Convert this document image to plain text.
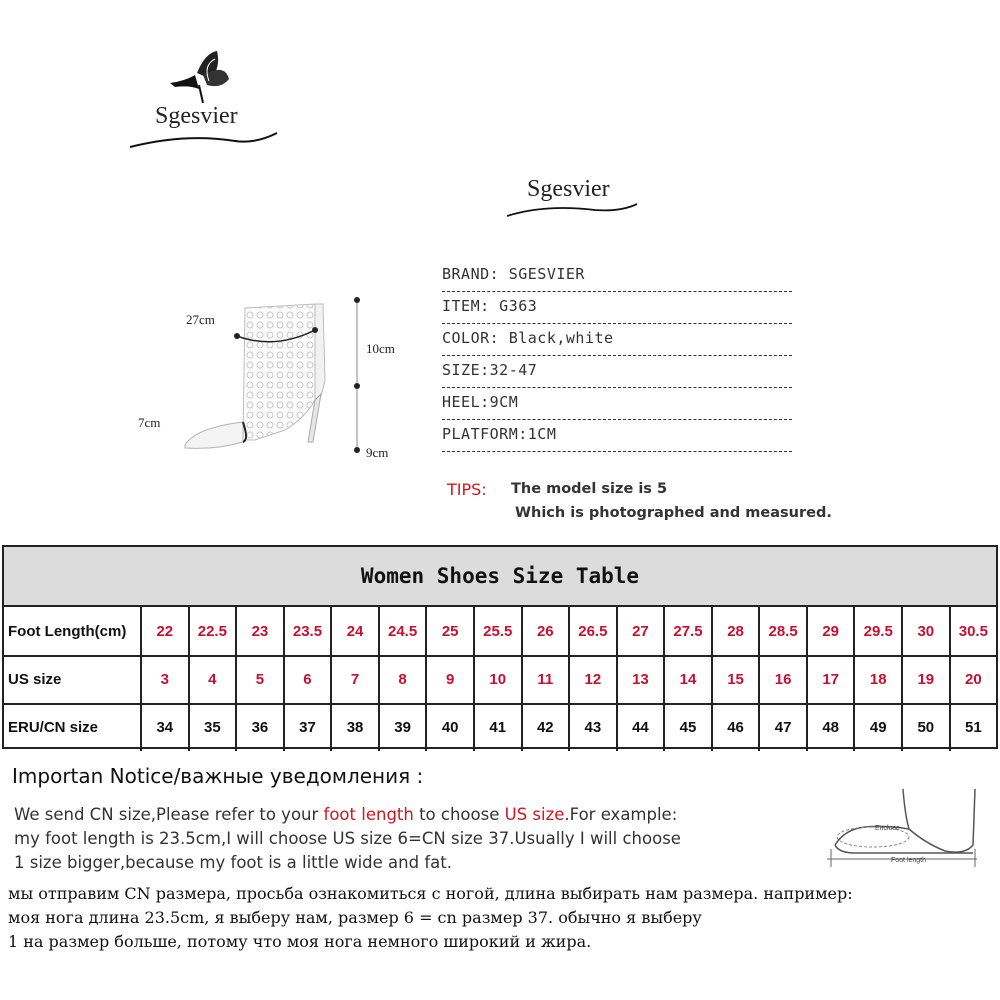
Sgesvier
Sgesvier
27cm
7cm
10cm
9cm
BRAND: SGESVIER
ITEM: G363
COLOR: Black,white
SIZE:32-47
HEEL:9CM
PLATFORM:1CM
TIPS: The model size is 5
Which is photographed and measured.
Women Shoes Size Table
Foot Length(cm)	22	22.5	23	23.5	24	24.5	25	25.5	26	26.5	27	27.5	28	28.5	29	29.5	30	30.5
US size	3	4	5	6	7	8	9	10	11	12	13	14	15	16	17	18	19	20
ERU/CN size	34	35	36	37	38	39	40	41	42	43	44	45	46	47	48	49	50	51
Importan Notice/важные уведомления :
We send CN size,Please refer to your foot length to choose US size.For example:
my foot length is 23.5cm,I will choose US size 6=CN size 37.Usually I will choose
1 size bigger,because my foot is a little wide and fat.
мы отправим CN размера, просьба ознакомиться с ногой, длина выбирать нам размера. например:
моя нога длина 23.5cm, я выберу нам, размер 6 = cn размер 37. обычно я выберу
1 на размер больше, потому что моя нога немного широкий и жира.
Enclose
Foot length
